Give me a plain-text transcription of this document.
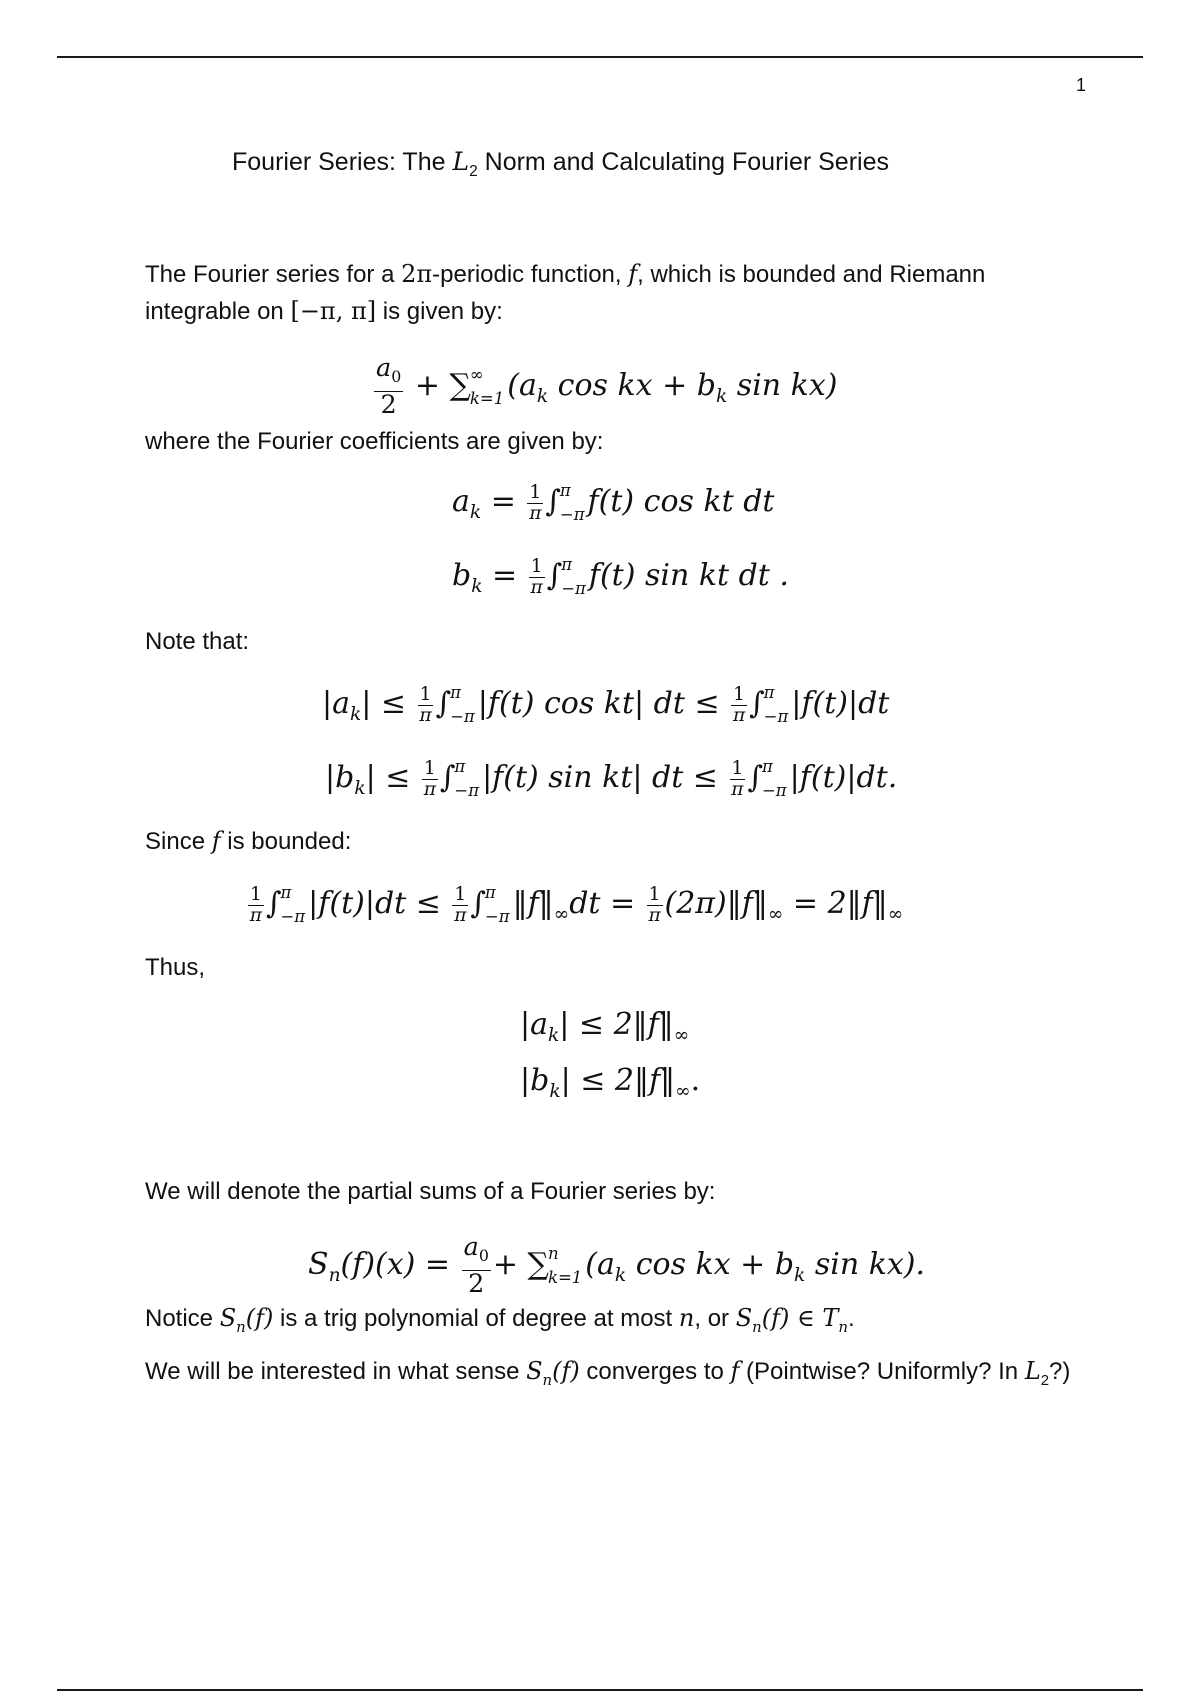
1
Fourier Series: The $L_2$ Norm and Calculating Fourier Series
The Fourier series for a 2π-periodic function, f, which is bounded and Riemann integrable on [−π, π] is given by:
$\frac{a_0}{2}$ + ∑ ∞
k=1 ($a_k$ cos kx + $b_k$ sin kx)
where the Fourier coefficients are given by:
$a_k = \frac{1}{\pi}\int$ π
−π f(t) cos kt dt
$b_k = \frac{1}{\pi}\int$ π
−π f(t) sin kt dt .
Note that:
$|a_k| \le \frac{1}{\pi}\int$ π
−π |f(t) cos kt| dt ≤ $\frac{1}{\pi}\int$ π
−π |f(t)|dt
$|b_k| \le \frac{1}{\pi}\int$ π
−π |f(t) sin kt| dt ≤ $\frac{1}{\pi}\int$ π
−π |f(t)|dt.
Since f is bounded:
$\frac{1}{\pi}\int$ π
−π $|f(t)|dt \le \frac{1}{\pi}\int$ π
−π $‖f‖_\infty dt$ = $\frac{1}{\pi}(2\pi)‖f‖_\infty$ = $2‖f‖_\infty$
Thus,
$|a_k|$ ≤ $2‖f‖_\infty$
$|b_k|$ ≤ $2‖f‖_\infty$.
We will denote the partial sums of a Fourier series by:
$S_n(f)(x) = \frac{a_0}{2}$ + ∑ n
k=1 ($a_k$ cos kx + $b_k$ sin kx).
Notice $S_n(f)$ is a trig polynomial of degree at most n, or $S_n(f)$ ∈ $T_n$.
We will be interested in what sense $S_n(f)$ converges to f (Pointwise? Uniformly? In $L_2$?)
